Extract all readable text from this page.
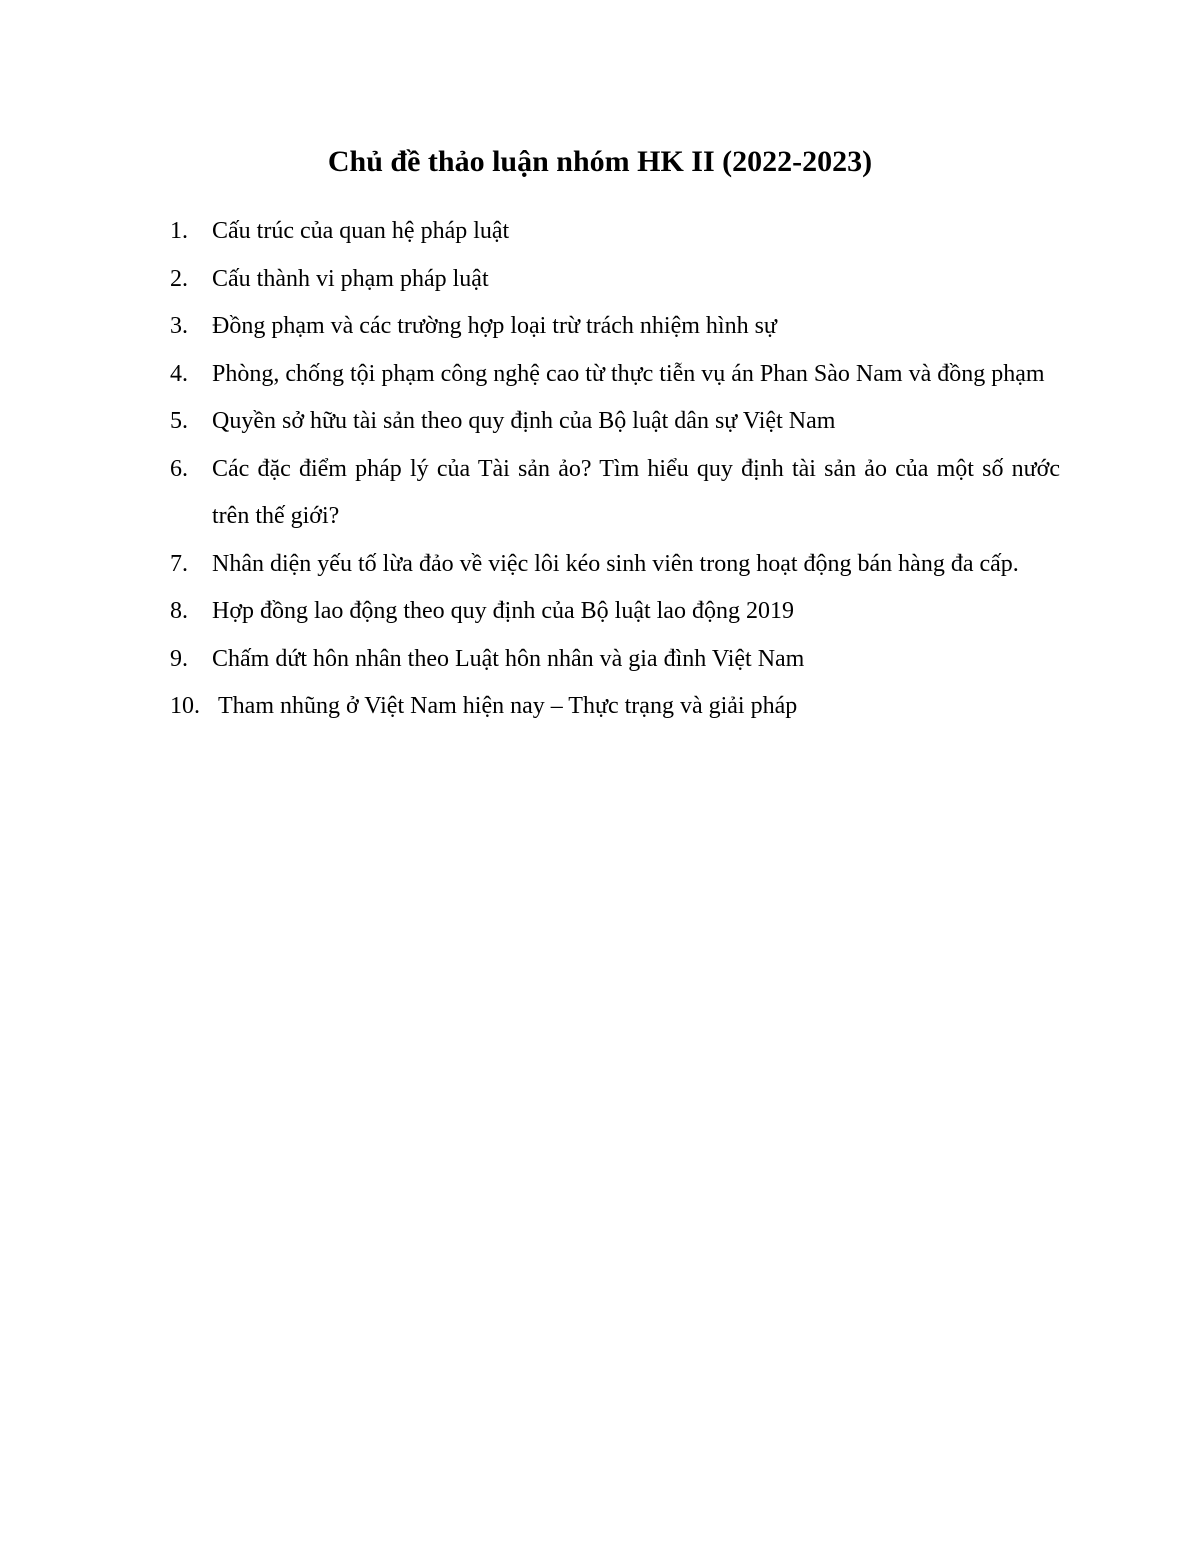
Chủ đề thảo luận nhóm HK II (2022-2023)
1.	Cấu trúc của quan hệ pháp luật
2.	Cấu thành vi phạm pháp luật
3.	Đồng phạm và các trường hợp loại trừ trách nhiệm hình sự
4.	Phòng, chống tội phạm công nghệ cao từ thực tiễn vụ án Phan Sào Nam và đồng phạm
5.	Quyền sở hữu tài sản theo quy định của Bộ luật dân sự Việt Nam
6.	Các đặc điểm pháp lý của Tài sản ảo? Tìm hiểu quy định tài sản ảo của một số nước trên thế giới?
7.	Nhân diện yếu tố lừa đảo về việc lôi kéo sinh viên trong hoạt động bán hàng đa cấp.
8.	Hợp đồng lao động theo quy định của Bộ luật lao động 2019
9.	Chấm dứt hôn nhân theo Luật hôn nhân và gia đình Việt Nam
10. Tham nhũng ở Việt Nam hiện nay – Thực trạng và giải pháp
